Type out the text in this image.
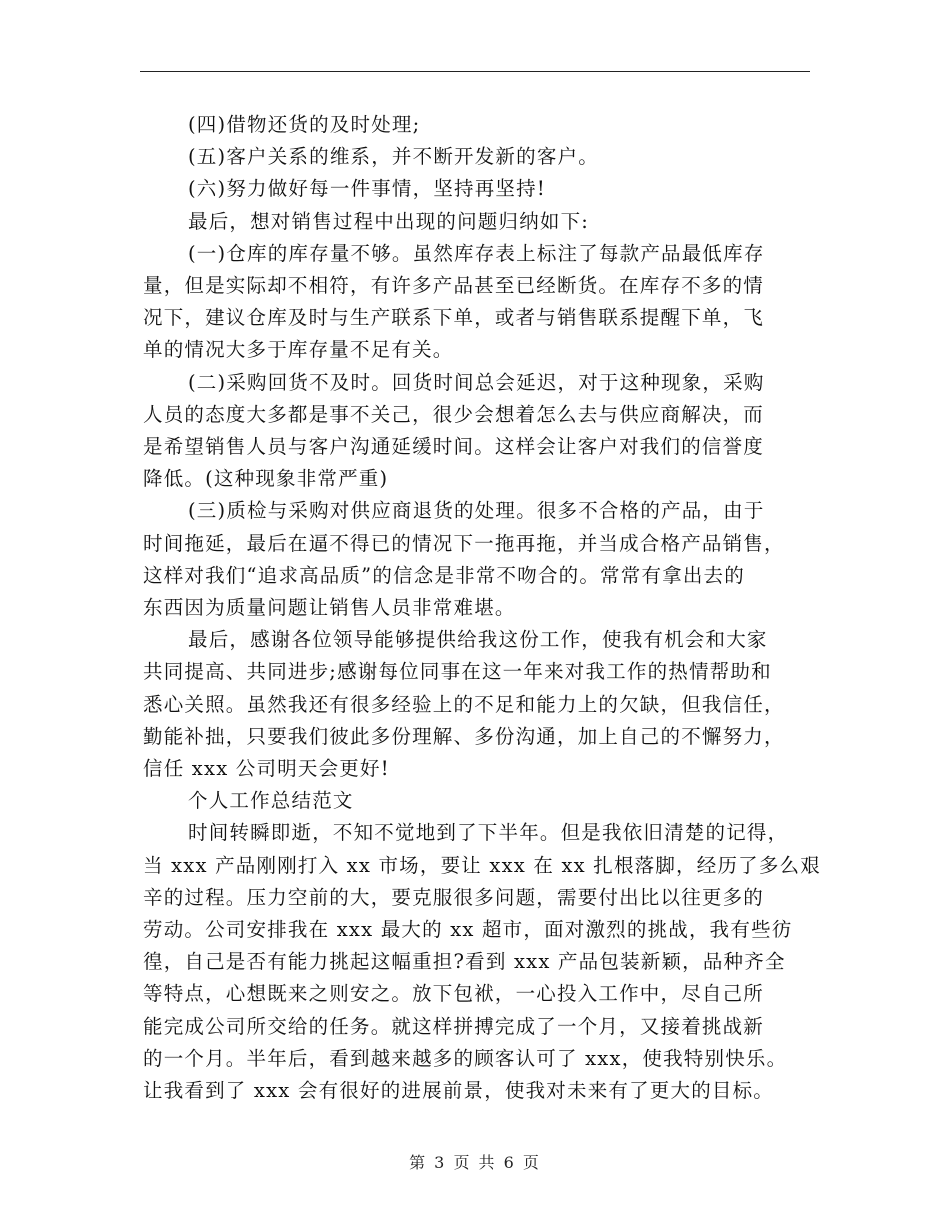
(四)借物还货的及时处理;

(五)客户关系的维系，并不断开发新的客户。

(六)努力做好每一件事情，坚持再坚持!

最后，想对销售过程中出现的问题归纳如下:

(一)仓库的库存量不够。虽然库存表上标注了每款产品最低库存
量，但是实际却不相符，有许多产品甚至已经断货。在库存不多的情
况下，建议仓库及时与生产联系下单，或者与销售联系提醒下单，飞
单的情况大多于库存量不足有关。

(二)采购回货不及时。回货时间总会延迟，对于这种现象，采购
人员的态度大多都是事不关己，很少会想着怎么去与供应商解决，而
是希望销售人员与客户沟通延缓时间。这样会让客户对我们的信誉度
降低。(这种现象非常严重)

(三)质检与采购对供应商退货的处理。很多不合格的产品，由于
时间拖延，最后在逼不得已的情况下一拖再拖，并当成合格产品销售，
这样对我们“追求高品质”的信念是非常不吻合的。常常有拿出去的
东西因为质量问题让销售人员非常难堪。

最后，感谢各位领导能够提供给我这份工作，使我有机会和大家
共同提高、共同进步;感谢每位同事在这一年来对我工作的热情帮助和
悉心关照。虽然我还有很多经验上的不足和能力上的欠缺，但我信任，
勤能补拙，只要我们彼此多份理解、多份沟通，加上自己的不懈努力，
信任 xxx 公司明天会更好!

个人工作总结范文

时间转瞬即逝，不知不觉地到了下半年。但是我依旧清楚的记得，
当 xxx 产品刚刚打入 xx 市场，要让 xxx 在 xx 扎根落脚，经历了多么艰
辛的过程。压力空前的大，要克服很多问题，需要付出比以往更多的
劳动。公司安排我在 xxx 最大的 xx 超市，面对激烈的挑战，我有些彷
徨，自己是否有能力挑起这幅重担?看到 xxx 产品包装新颖，品种齐全
等特点，心想既来之则安之。放下包袱，一心投入工作中，尽自己所
能完成公司所交给的任务。就这样拼搏完成了一个月，又接着挑战新
的一个月。半年后，看到越来越多的顾客认可了 xxx，使我特别快乐。
让我看到了 xxx 会有很好的进展前景，使我对未来有了更大的目标。

第 3 页 共 6 页
